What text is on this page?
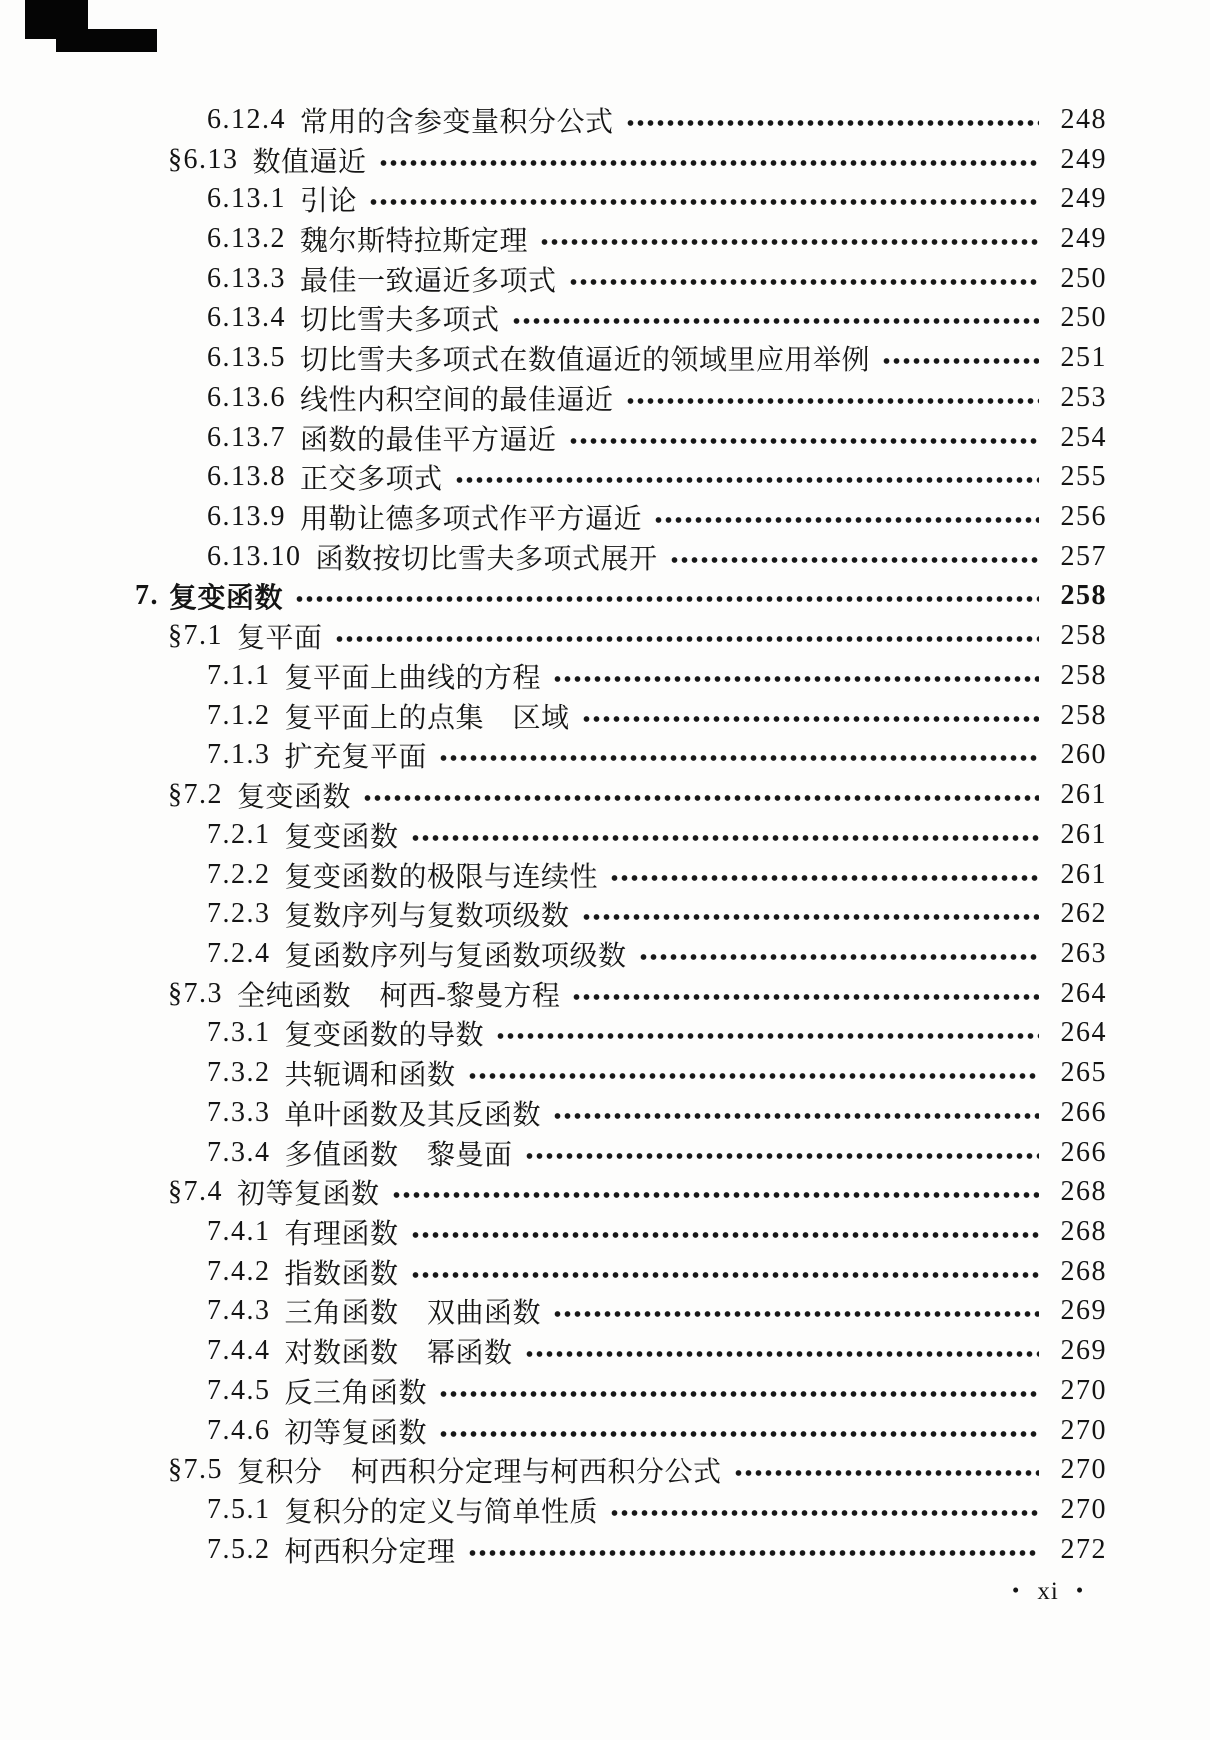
6.12.4 常用的含参变量积分公式	248
§6.13 数值逼近	249
6.13.1 引论	249
6.13.2 魏尔斯特拉斯定理	249
6.13.3 最佳一致逼近多项式	250
6.13.4 切比雪夫多项式	250
6.13.5 切比雪夫多项式在数值逼近的领域里应用举例	251
6.13.6 线性内积空间的最佳逼近	253
6.13.7 函数的最佳平方逼近	254
6.13.8 正交多项式	255
6.13.9 用勒让德多项式作平方逼近	256
6.13.10 函数按切比雪夫多项式展开	257
7. 复变函数	258
§7.1 复平面	258
7.1.1 复平面上曲线的方程	258
7.1.2 复平面上的点集　区域	258
7.1.3 扩充复平面	260
§7.2 复变函数	261
7.2.1 复变函数	261
7.2.2 复变函数的极限与连续性	261
7.2.3 复数序列与复数项级数	262
7.2.4 复函数序列与复函数项级数	263
§7.3 全纯函数　柯西-黎曼方程	264
7.3.1 复变函数的导数	264
7.3.2 共轭调和函数	265
7.3.3 单叶函数及其反函数	266
7.3.4 多值函数　黎曼面	266
§7.4 初等复函数	268
7.4.1 有理函数	268
7.4.2 指数函数	268
7.4.3 三角函数　双曲函数	269
7.4.4 对数函数　幂函数	269
7.4.5 反三角函数	270
7.4.6 初等复函数	270
§7.5 复积分　柯西积分定理与柯西积分公式	270
7.5.1 复积分的定义与简单性质	270
7.5.2 柯西积分定理	272
• xi •
